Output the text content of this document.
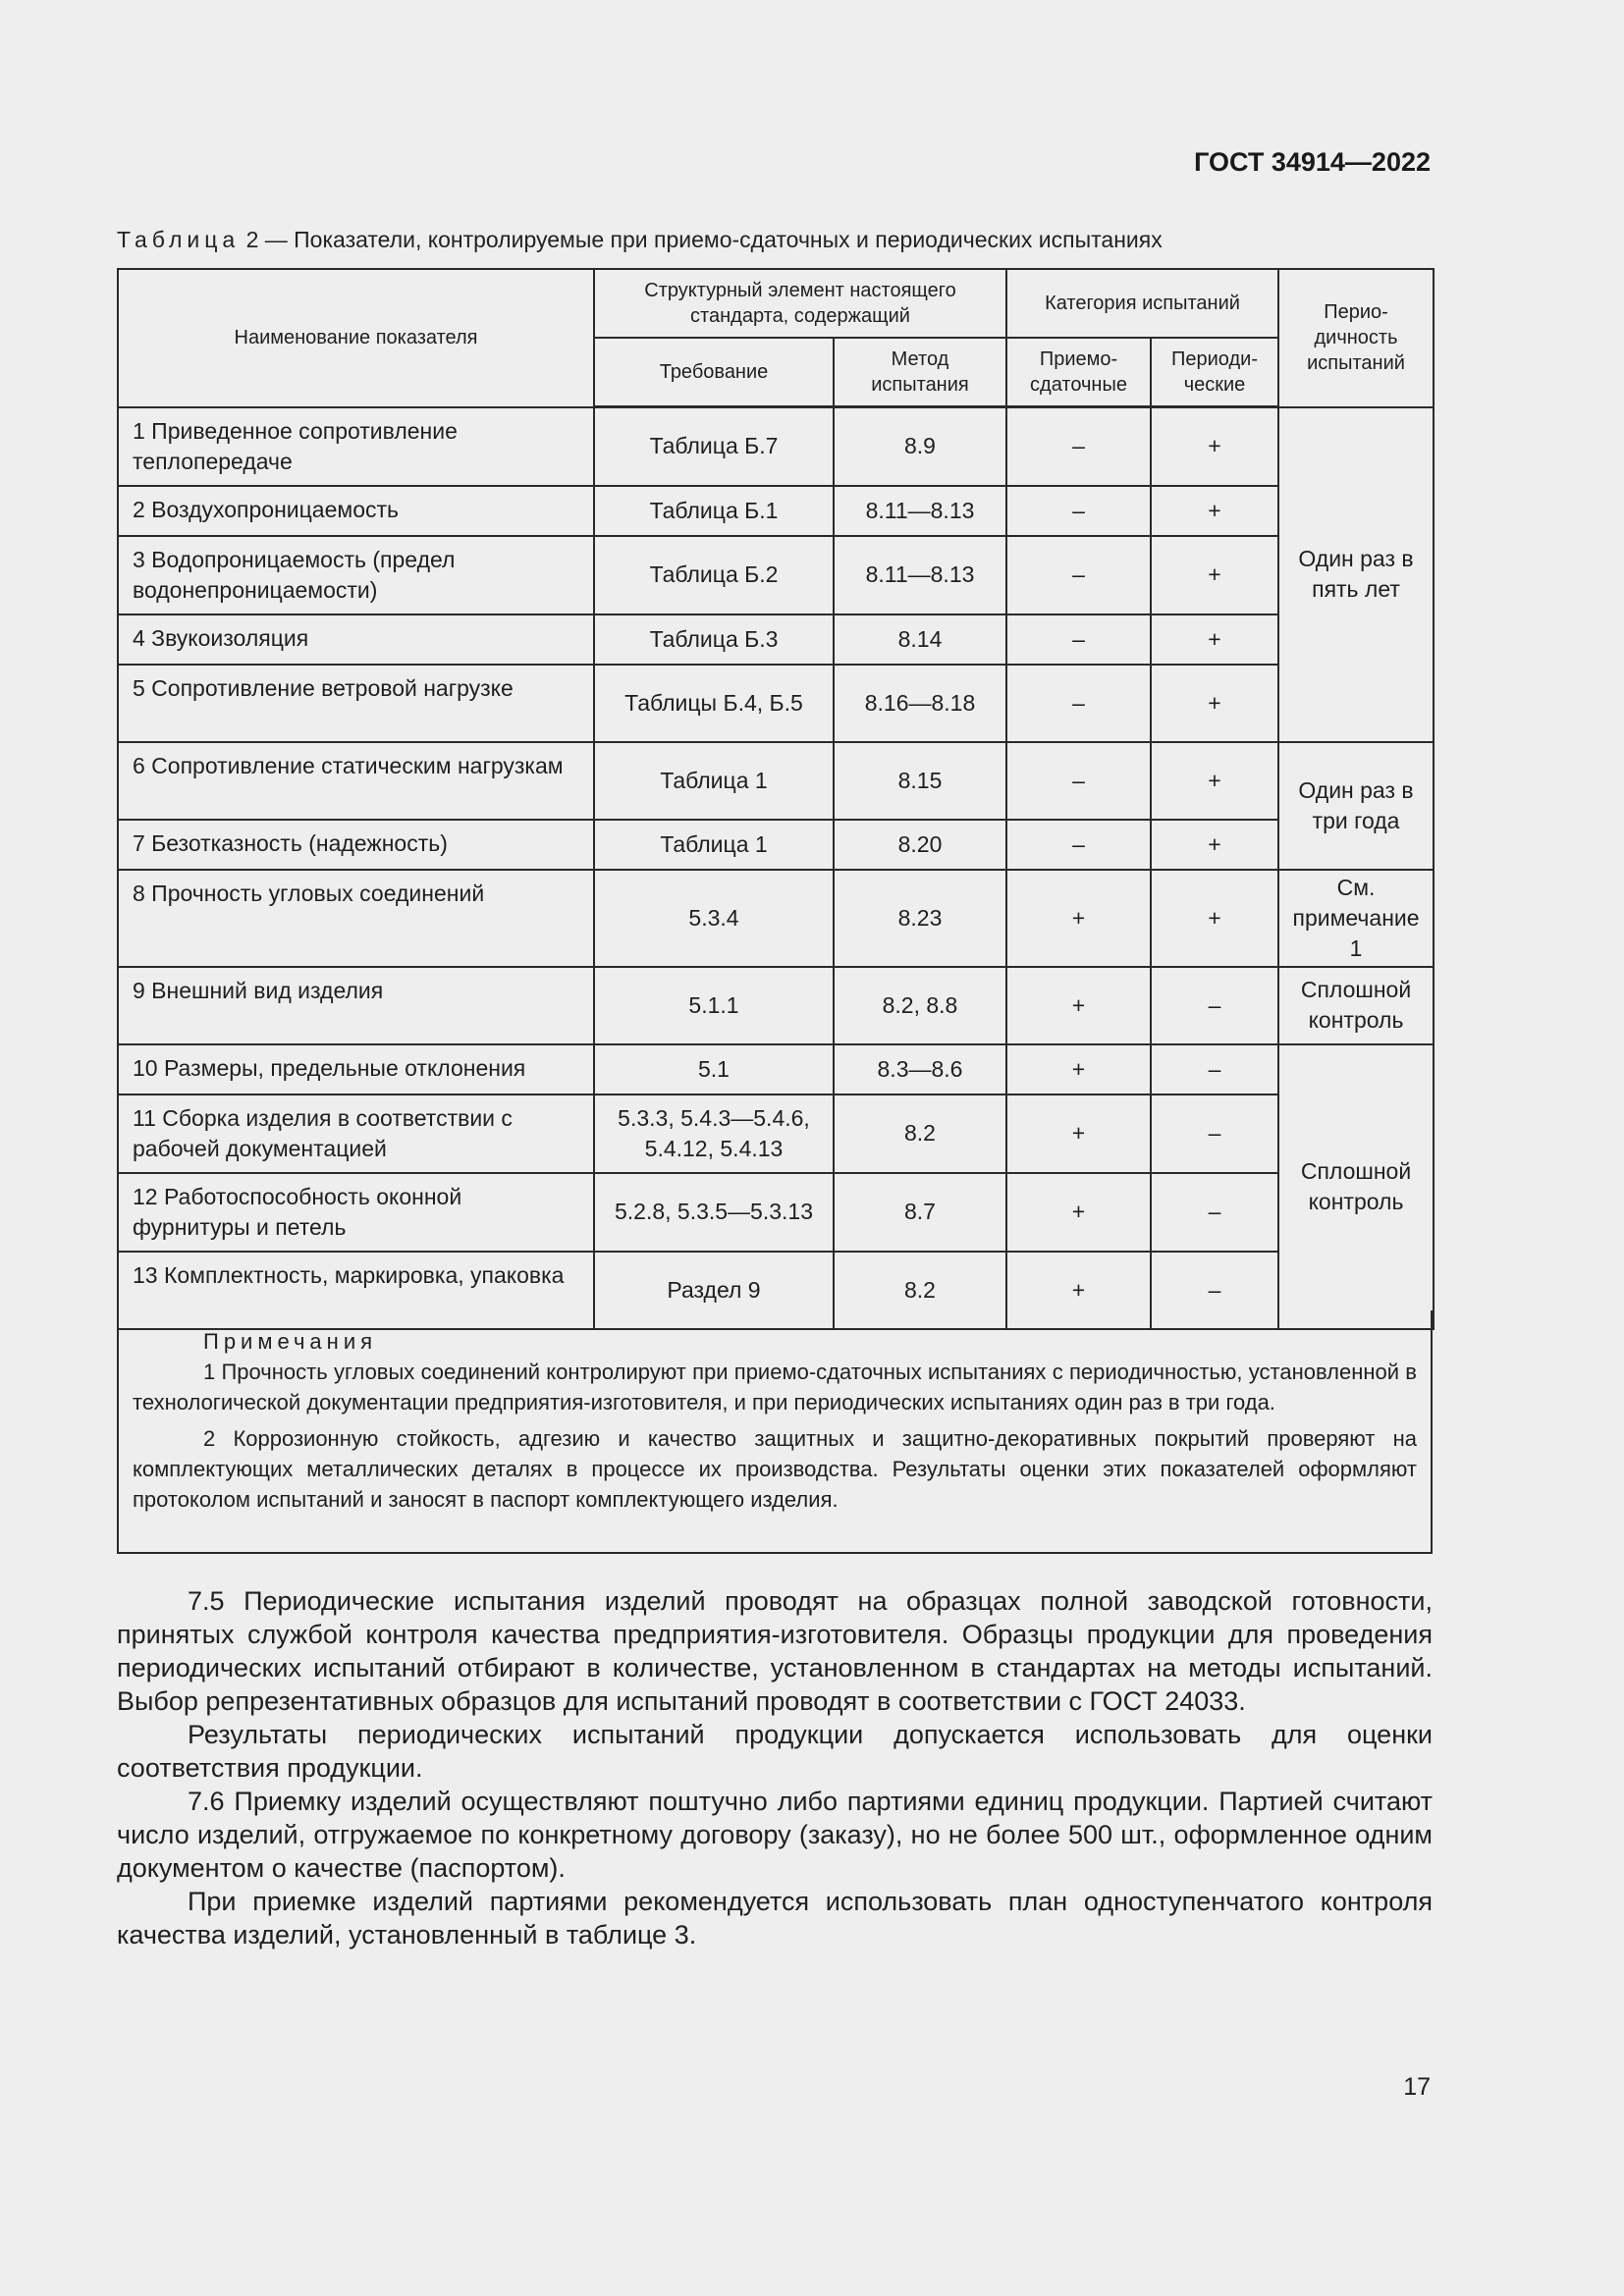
ГОСТ 34914—2022
Таблица 2 — Показатели, контролируемые при приемо-сдаточных и периодических испытаниях
Наименование показателя	Структурный элемент настоящего стандарта, содержащий		Категория испытаний		Перио-дичность испытаний
	Требование	Метод испытания	Приемо-сдаточные	Периоди-ческие	
1 Приведенное сопротивление теплопередаче	Таблица Б.7	8.9	–	+	Один раз в пять лет
2 Воздухопроницаемость	Таблица Б.1	8.11—8.13	–	+	
3 Водопроницаемость (предел водонепроницаемости)	Таблица Б.2	8.11—8.13	–	+	
4 Звукоизоляция	Таблица Б.3	8.14	–	+	
5 Сопротивление ветровой нагрузке	Таблицы Б.4, Б.5	8.16—8.18	–	+	
6 Сопротивление статическим нагрузкам	Таблица 1	8.15	–	+	Один раз в три года
7 Безотказность (надежность)	Таблица 1	8.20	–	+	
8 Прочность угловых соединений	5.3.4	8.23	+	+	См. примечание 1
9 Внешний вид изделия	5.1.1	8.2, 8.8	+	–	Сплошной контроль
10 Размеры, предельные отклонения	5.1	8.3—8.6	+	–	Сплошной контроль
11 Сборка изделия в соответствии с рабочей документацией	5.3.3, 5.4.3—5.4.6, 5.4.12, 5.4.13	8.2	+	–	
12 Работоспособность оконной фурнитуры и петель	5.2.8, 5.3.5—5.3.13	8.7	+	–	
13 Комплектность, маркировка, упаковка	Раздел 9	8.2	+	–	
Примечания

1 Прочность угловых соединений контролируют при приемо-сдаточных испытаниях с периодичностью, установленной в технологической документации предприятия-изготовителя, и при периодических испытаниях один раз в три года.

2 Коррозионную стойкость, адгезию и качество защитных и защитно-декоративных покрытий проверяют на комплектующих металлических деталях в процессе их производства. Результаты оценки этих показателей оформляют протоколом испытаний и заносят в паспорт комплектующего изделия.

7.5 Периодические испытания изделий проводят на образцах полной заводской готовности, принятых службой контроля качества предприятия-изготовителя. Образцы продукции для проведения периодических испытаний отбирают в количестве, установленном в стандартах на методы испытаний. Выбор репрезентативных образцов для испытаний проводят в соответствии с ГОСТ 24033.

Результаты периодических испытаний продукции допускается использовать для оценки соответствия продукции.

7.6 Приемку изделий осуществляют поштучно либо партиями единиц продукции. Партией считают число изделий, отгружаемое по конкретному договору (заказу), но не более 500 шт., оформленное одним документом о качестве (паспортом).

При приемке изделий партиями рекомендуется использовать план одноступенчатого контроля качества изделий, установленный в таблице 3.

17
